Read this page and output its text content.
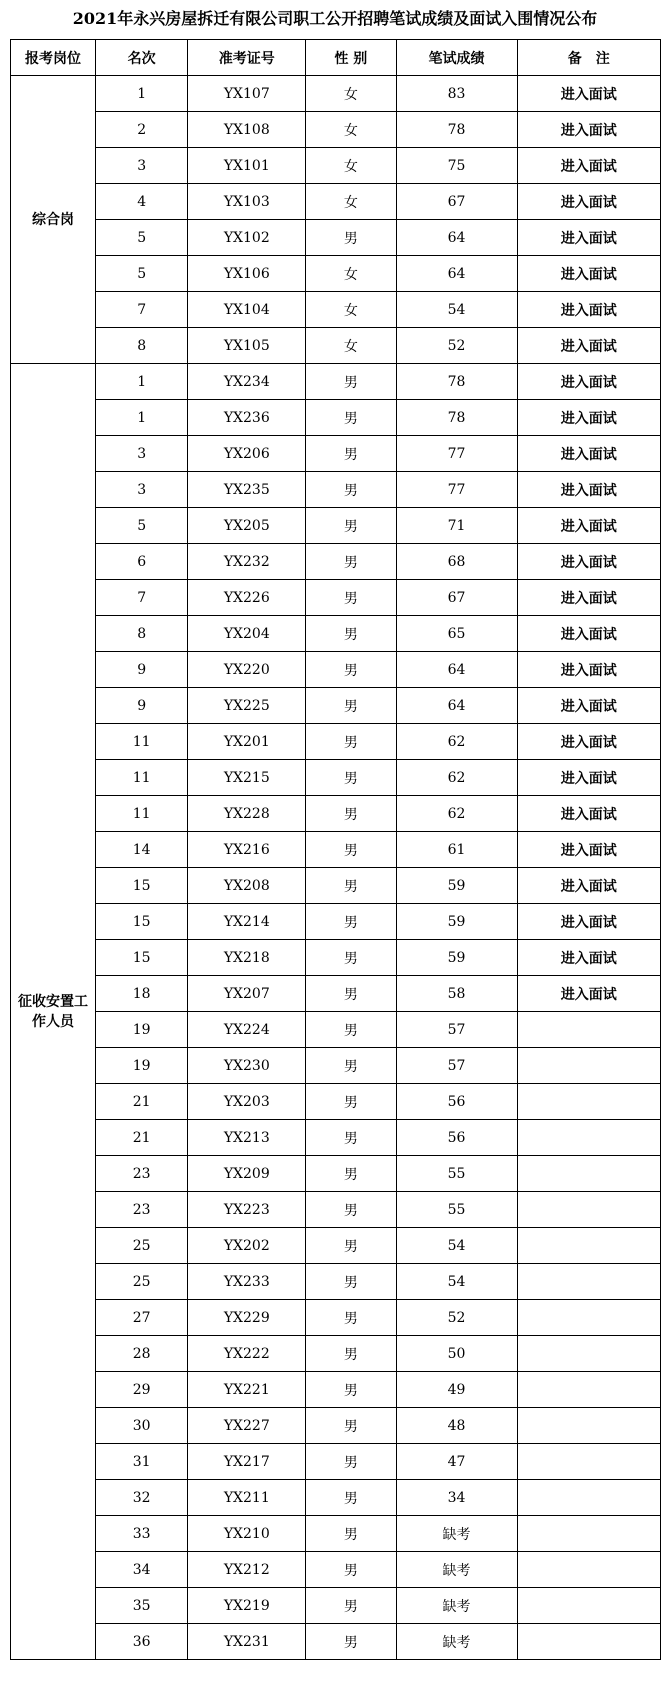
2021年永兴房屋拆迁有限公司职工公开招聘笔试成绩及面试入围情况公布
报考岗位	名次	准考证号	性 别	笔试成绩	备　注
综合岗	1	YX107	女	83	进入面试
	2	YX108	女	78	进入面试
	3	YX101	女	75	进入面试
	4	YX103	女	67	进入面试
	5	YX102	男	64	进入面试
	5	YX106	女	64	进入面试
	7	YX104	女	54	进入面试
	8	YX105	女	52	进入面试
征收安置工作人员	1	YX234	男	78	进入面试
	1	YX236	男	78	进入面试
	3	YX206	男	77	进入面试
	3	YX235	男	77	进入面试
	5	YX205	男	71	进入面试
	6	YX232	男	68	进入面试
	7	YX226	男	67	进入面试
	8	YX204	男	65	进入面试
	9	YX220	男	64	进入面试
	9	YX225	男	64	进入面试
	11	YX201	男	62	进入面试
	11	YX215	男	62	进入面试
	11	YX228	男	62	进入面试
	14	YX216	男	61	进入面试
	15	YX208	男	59	进入面试
	15	YX214	男	59	进入面试
	15	YX218	男	59	进入面试
	18	YX207	男	58	进入面试
	19	YX224	男	57	
	19	YX230	男	57	
	21	YX203	男	56	
	21	YX213	男	56	
	23	YX209	男	55	
	23	YX223	男	55	
	25	YX202	男	54	
	25	YX233	男	54	
	27	YX229	男	52	
	28	YX222	男	50	
	29	YX221	男	49	
	30	YX227	男	48	
	31	YX217	男	47	
	32	YX211	男	34	
	33	YX210	男	缺考	
	34	YX212	男	缺考	
	35	YX219	男	缺考	
	36	YX231	男	缺考	
